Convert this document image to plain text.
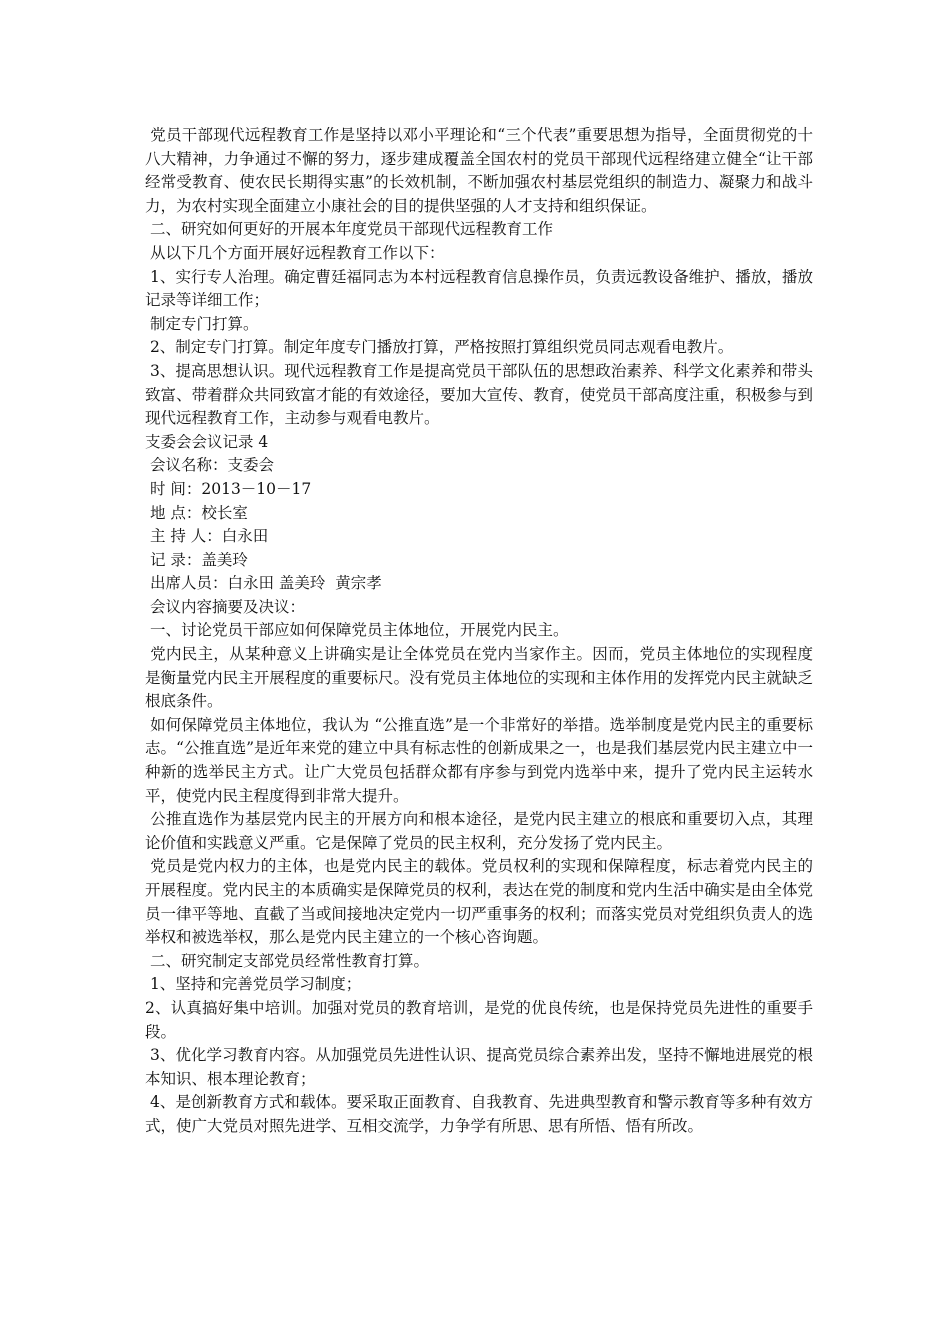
党员干部现代远程教育工作是坚持以邓小平理论和“三个代表”重要思想为指导，全面贯彻党的十八大精神，力争通过不懈的努力，逐步建成覆盖全国农村的党员干部现代远程络建立健全“让干部经常受教育、使农民长期得实惠”的长效机制，不断加强农村基层党组织的制造力、凝聚力和战斗力，为农村实现全面建立小康社会的目的提供坚强的人才支持和组织保证。

二、研究如何更好的开展本年度党员干部现代远程教育工作

从以下几个方面开展好远程教育工作以下：

1、实行专人治理。确定曹廷福同志为本村远程教育信息操作员，负责远教设备维护、播放，播放记录等详细工作；

制定专门打算。

2、制定专门打算。制定年度专门播放打算，严格按照打算组织党员同志观看电教片。

3、提高思想认识。现代远程教育工作是提高党员干部队伍的思想政治素养、科学文化素养和带头致富、带着群众共同致富才能的有效途径，要加大宣传、教育，使党员干部高度注重，积极参与到现代远程教育工作，主动参与观看电教片。

支委会会议记录 4

会议名称：支委会

时 间：2013－10－17

地 点：校长室

主 持 人：白永田

记 录：盖美玲

出席人员：白永田 盖美玲  黄宗孝

会议内容摘要及决议：

一、讨论党员干部应如何保障党员主体地位，开展党内民主。

党内民主，从某种意义上讲确实是让全体党员在党内当家作主。因而，党员主体地位的实现程度是衡量党内民主开展程度的重要标尺。没有党员主体地位的实现和主体作用的发挥党内民主就缺乏根底条件。

如何保障党员主体地位，我认为 “公推直选”是一个非常好的举措。选举制度是党内民主的重要标志。“公推直选”是近年来党的建立中具有标志性的创新成果之一，也是我们基层党内民主建立中一种新的选举民主方式。让广大党员包括群众都有序参与到党内选举中来，提升了党内民主运转水平，使党内民主程度得到非常大提升。

公推直选作为基层党内民主的开展方向和根本途径，是党内民主建立的根底和重要切入点，其理论价值和实践意义严重。它是保障了党员的民主权利，充分发扬了党内民主。

党员是党内权力的主体，也是党内民主的载体。党员权利的实现和保障程度，标志着党内民主的开展程度。党内民主的本质确实是保障党员的权利，表达在党的制度和党内生活中确实是由全体党员一律平等地、直截了当或间接地决定党内一切严重事务的权利；而落实党员对党组织负责人的选举权和被选举权，那么是党内民主建立的一个核心咨询题。

二、研究制定支部党员经常性教育打算。

1、坚持和完善党员学习制度；

2、认真搞好集中培训。加强对党员的教育培训，是党的优良传统，也是保持党员先进性的重要手段。

3、优化学习教育内容。从加强党员先进性认识、提高党员综合素养出发，坚持不懈地进展党的根本知识、根本理论教育；

4、是创新教育方式和载体。要采取正面教育、自我教育、先进典型教育和警示教育等多种有效方式，使广大党员对照先进学、互相交流学，力争学有所思、思有所悟、悟有所改。
